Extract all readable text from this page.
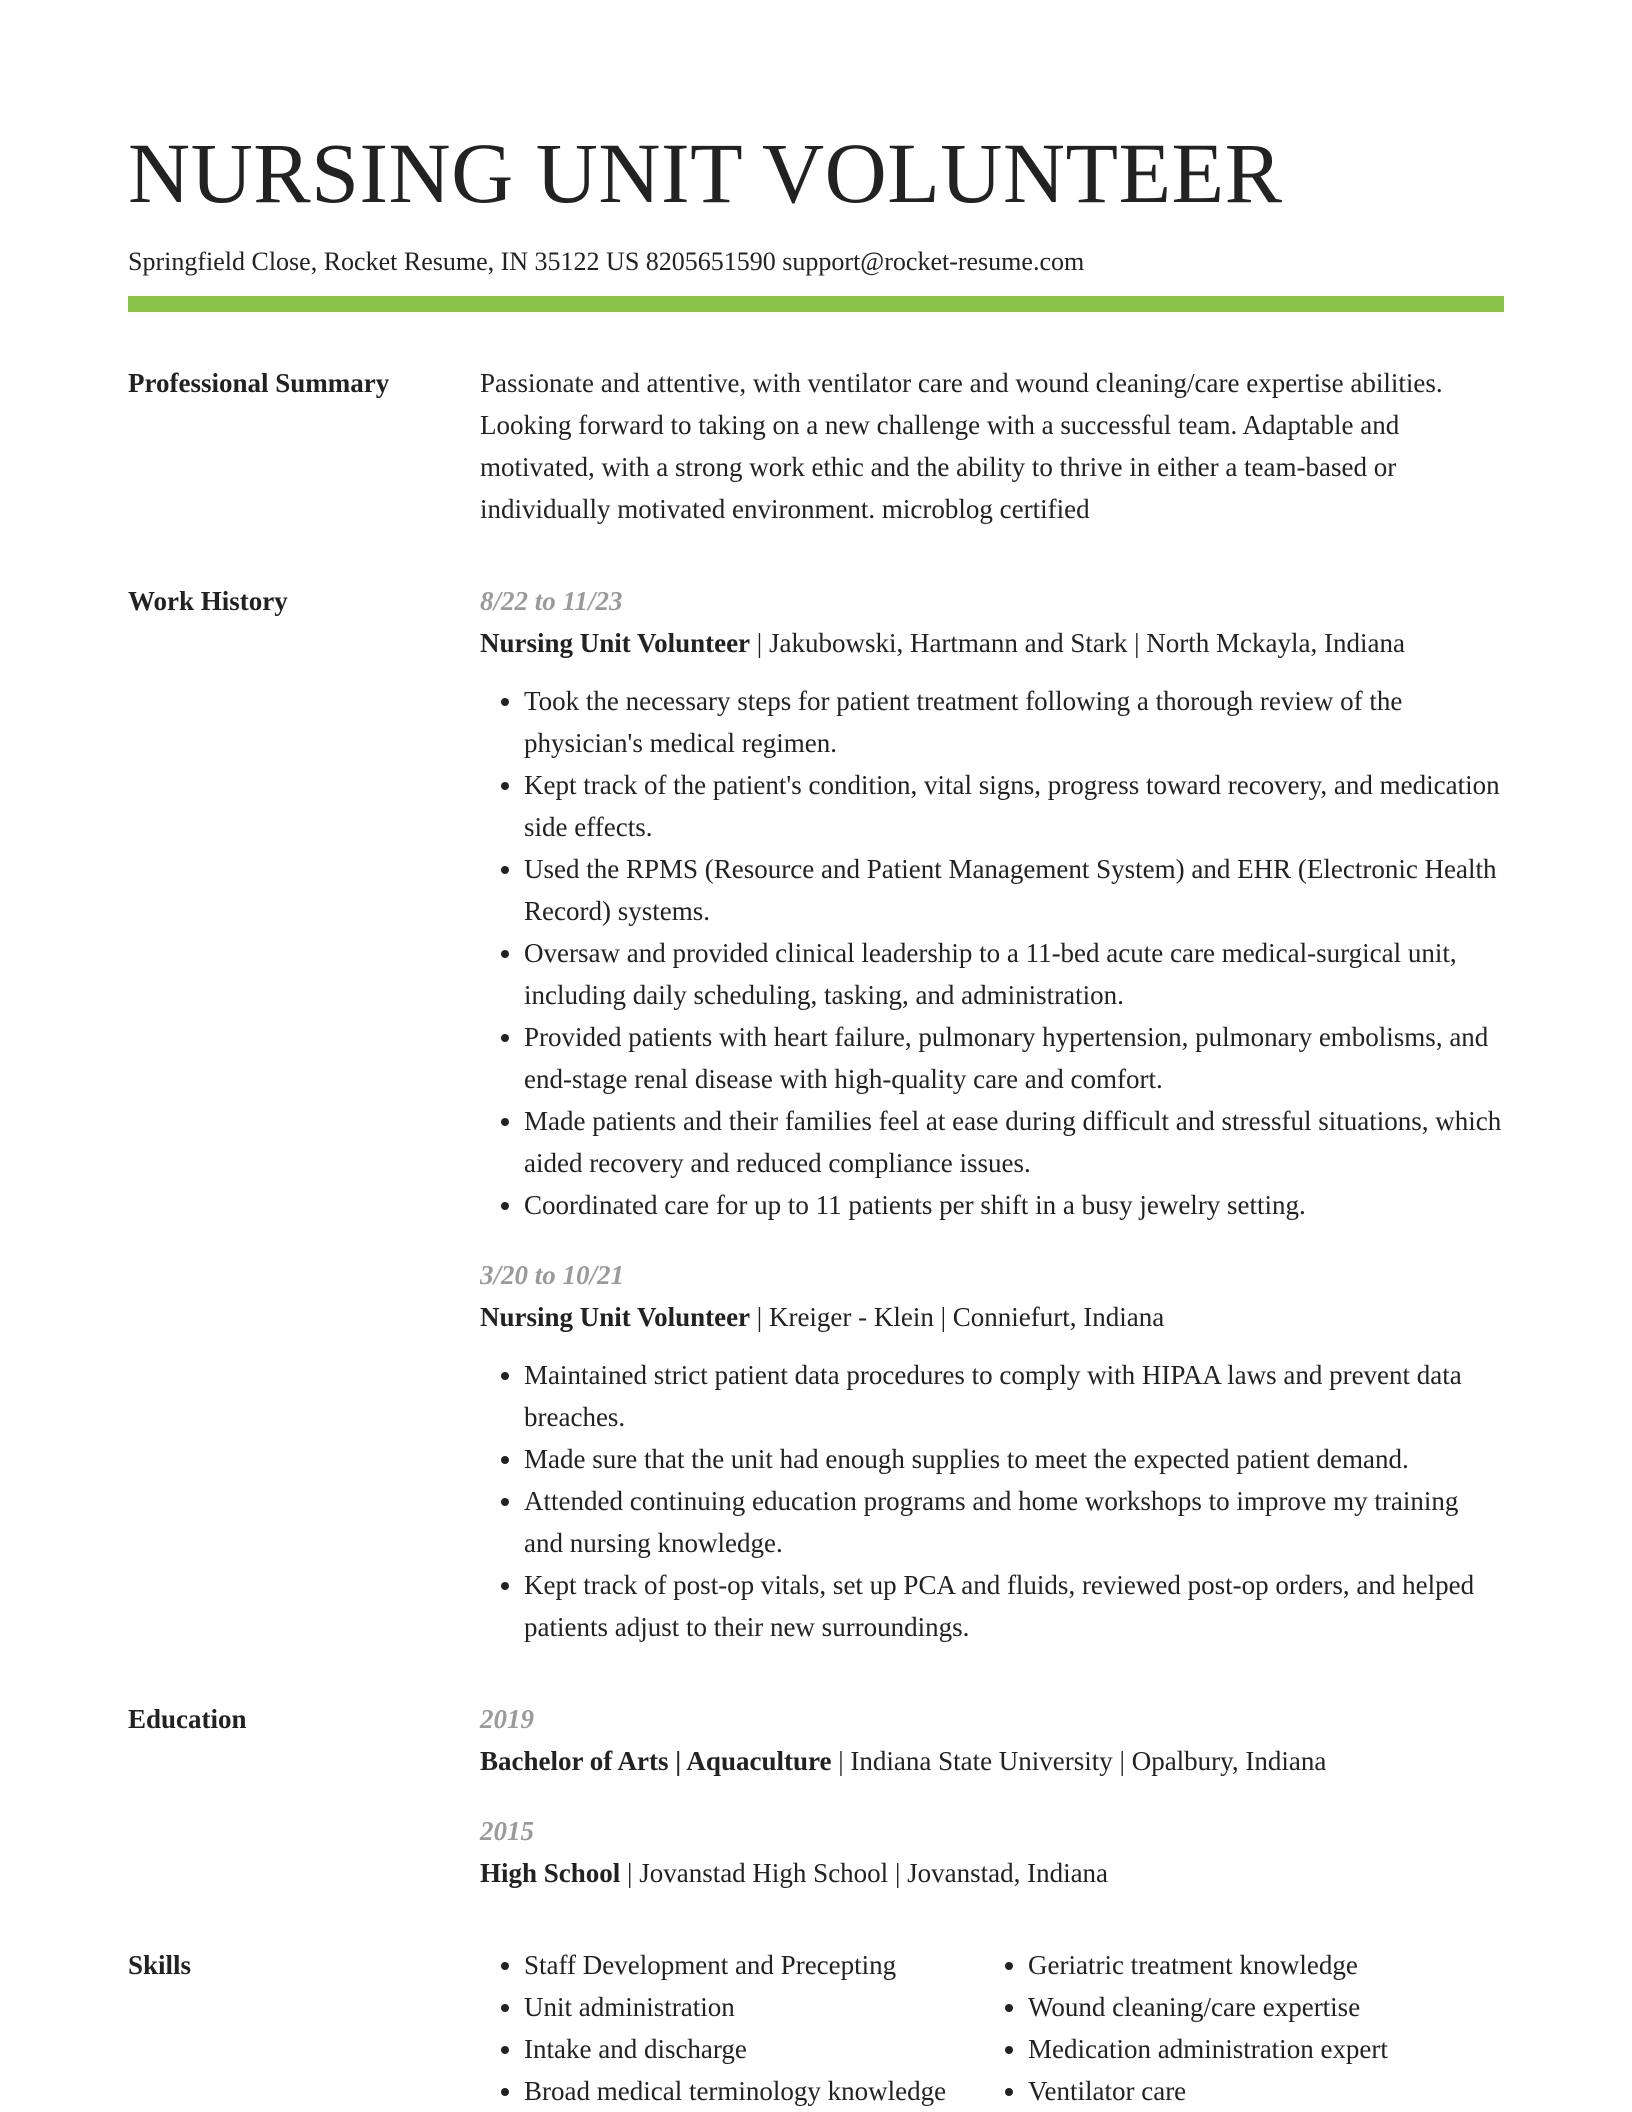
NURSING UNIT VOLUNTEER
Springfield Close, Rocket Resume, IN 35122 US 8205651590 support@rocket-resume.com
Professional Summary	Passionate and attentive, with ventilator care and wound cleaning/care expertise abilities. Looking forward to taking on a new challenge with a successful team. Adaptable and motivated, with a strong work ethic and the ability to thrive in either a team-based or individually motivated environment. microblog certified

Work History	8/22 to 11/23
Nursing Unit Volunteer | Jakubowski, Hartmann and Stark | North Mckayla, Indiana
• Took the necessary steps for patient treatment following a thorough review of the physician's medical regimen.
• Kept track of the patient's condition, vital signs, progress toward recovery, and medication side effects.
• Used the RPMS (Resource and Patient Management System) and EHR (Electronic Health Record) systems.
• Oversaw and provided clinical leadership to a 11-bed acute care medical-surgical unit, including daily scheduling, tasking, and administration.
• Provided patients with heart failure, pulmonary hypertension, pulmonary embolisms, and end-stage renal disease with high-quality care and comfort.
• Made patients and their families feel at ease during difficult and stressful situations, which aided recovery and reduced compliance issues.
• Coordinated care for up to 11 patients per shift in a busy jewelry setting.
3/20 to 10/21
Nursing Unit Volunteer | Kreiger - Klein | Conniefurt, Indiana
• Maintained strict patient data procedures to comply with HIPAA laws and prevent data breaches.
• Made sure that the unit had enough supplies to meet the expected patient demand.
• Attended continuing education programs and home workshops to improve my training and nursing knowledge.
• Kept track of post-op vitals, set up PCA and fluids, reviewed post-op orders, and helped patients adjust to their new surroundings.
Education	2019
Bachelor of Arts | Aquaculture | Indiana State University | Opalbury, Indiana
2015
High School | Jovanstad High School | Jovanstad, Indiana
Skills
•	Staff Development and Precepting
• Unit administration
• Intake and discharge
• Broad medical terminology knowledge
• Geriatric treatment knowledge
• Wound cleaning/care expertise
• Medication administration expert
• Ventilator care
